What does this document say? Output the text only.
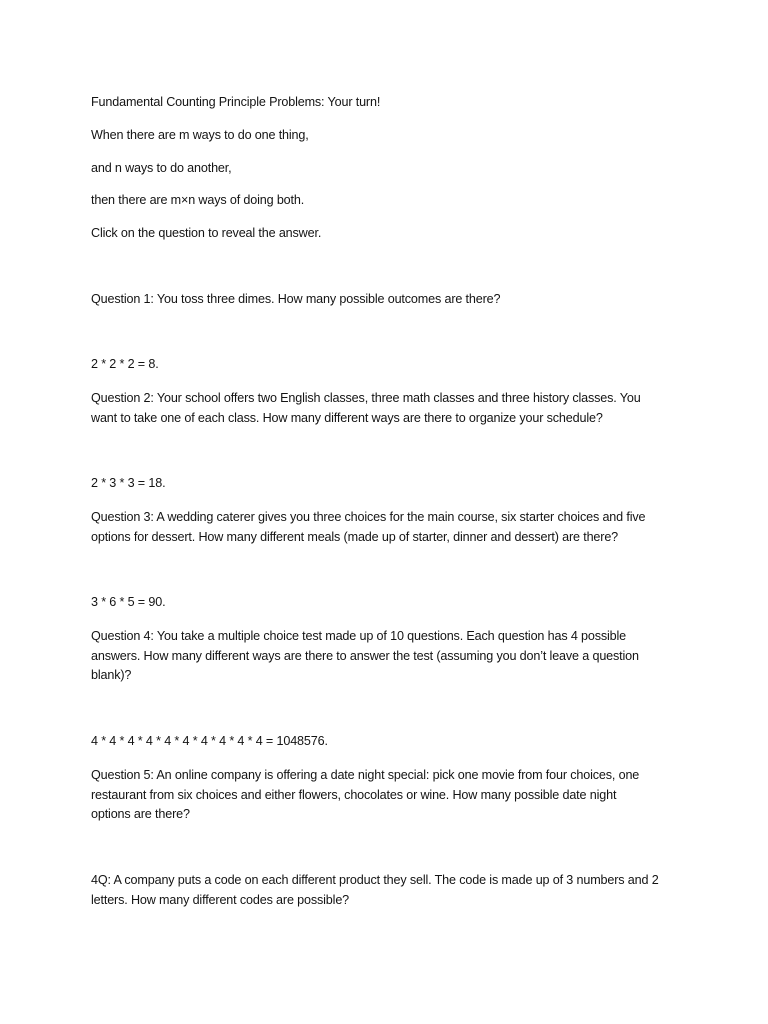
Fundamental Counting Principle Problems: Your turn!
When there are m ways to do one thing,
and n ways to do another,
then there are m×n ways of doing both.
Click on the question to reveal the answer.
Question 1: You toss three dimes. How many possible outcomes are there?
2 * 2 * 2 = 8.
Question 2: Your school offers two English classes, three math classes and three history classes. You
want to take one of each class. How many different ways are there to organize your schedule?
2 * 3 * 3 = 18.
Question 3: A wedding caterer gives you three choices for the main course, six starter choices and five
options for dessert. How many different meals (made up of starter, dinner and dessert) are there?
3 * 6 * 5 = 90.
Question 4: You take a multiple choice test made up of 10 questions. Each question has 4 possible
answers. How many different ways are there to answer the test (assuming you don’t leave a question
blank)?
4 * 4 * 4 * 4 * 4 * 4 * 4 * 4 * 4 * 4 = 1048576.
Question 5: An online company is offering a date night special: pick one movie from four choices, one
restaurant from six choices and either flowers, chocolates or wine. How many possible date night
options are there?
4Q: A company puts a code on each different product they sell. The code is made up of 3 numbers and 2
letters. How many different codes are possible?
